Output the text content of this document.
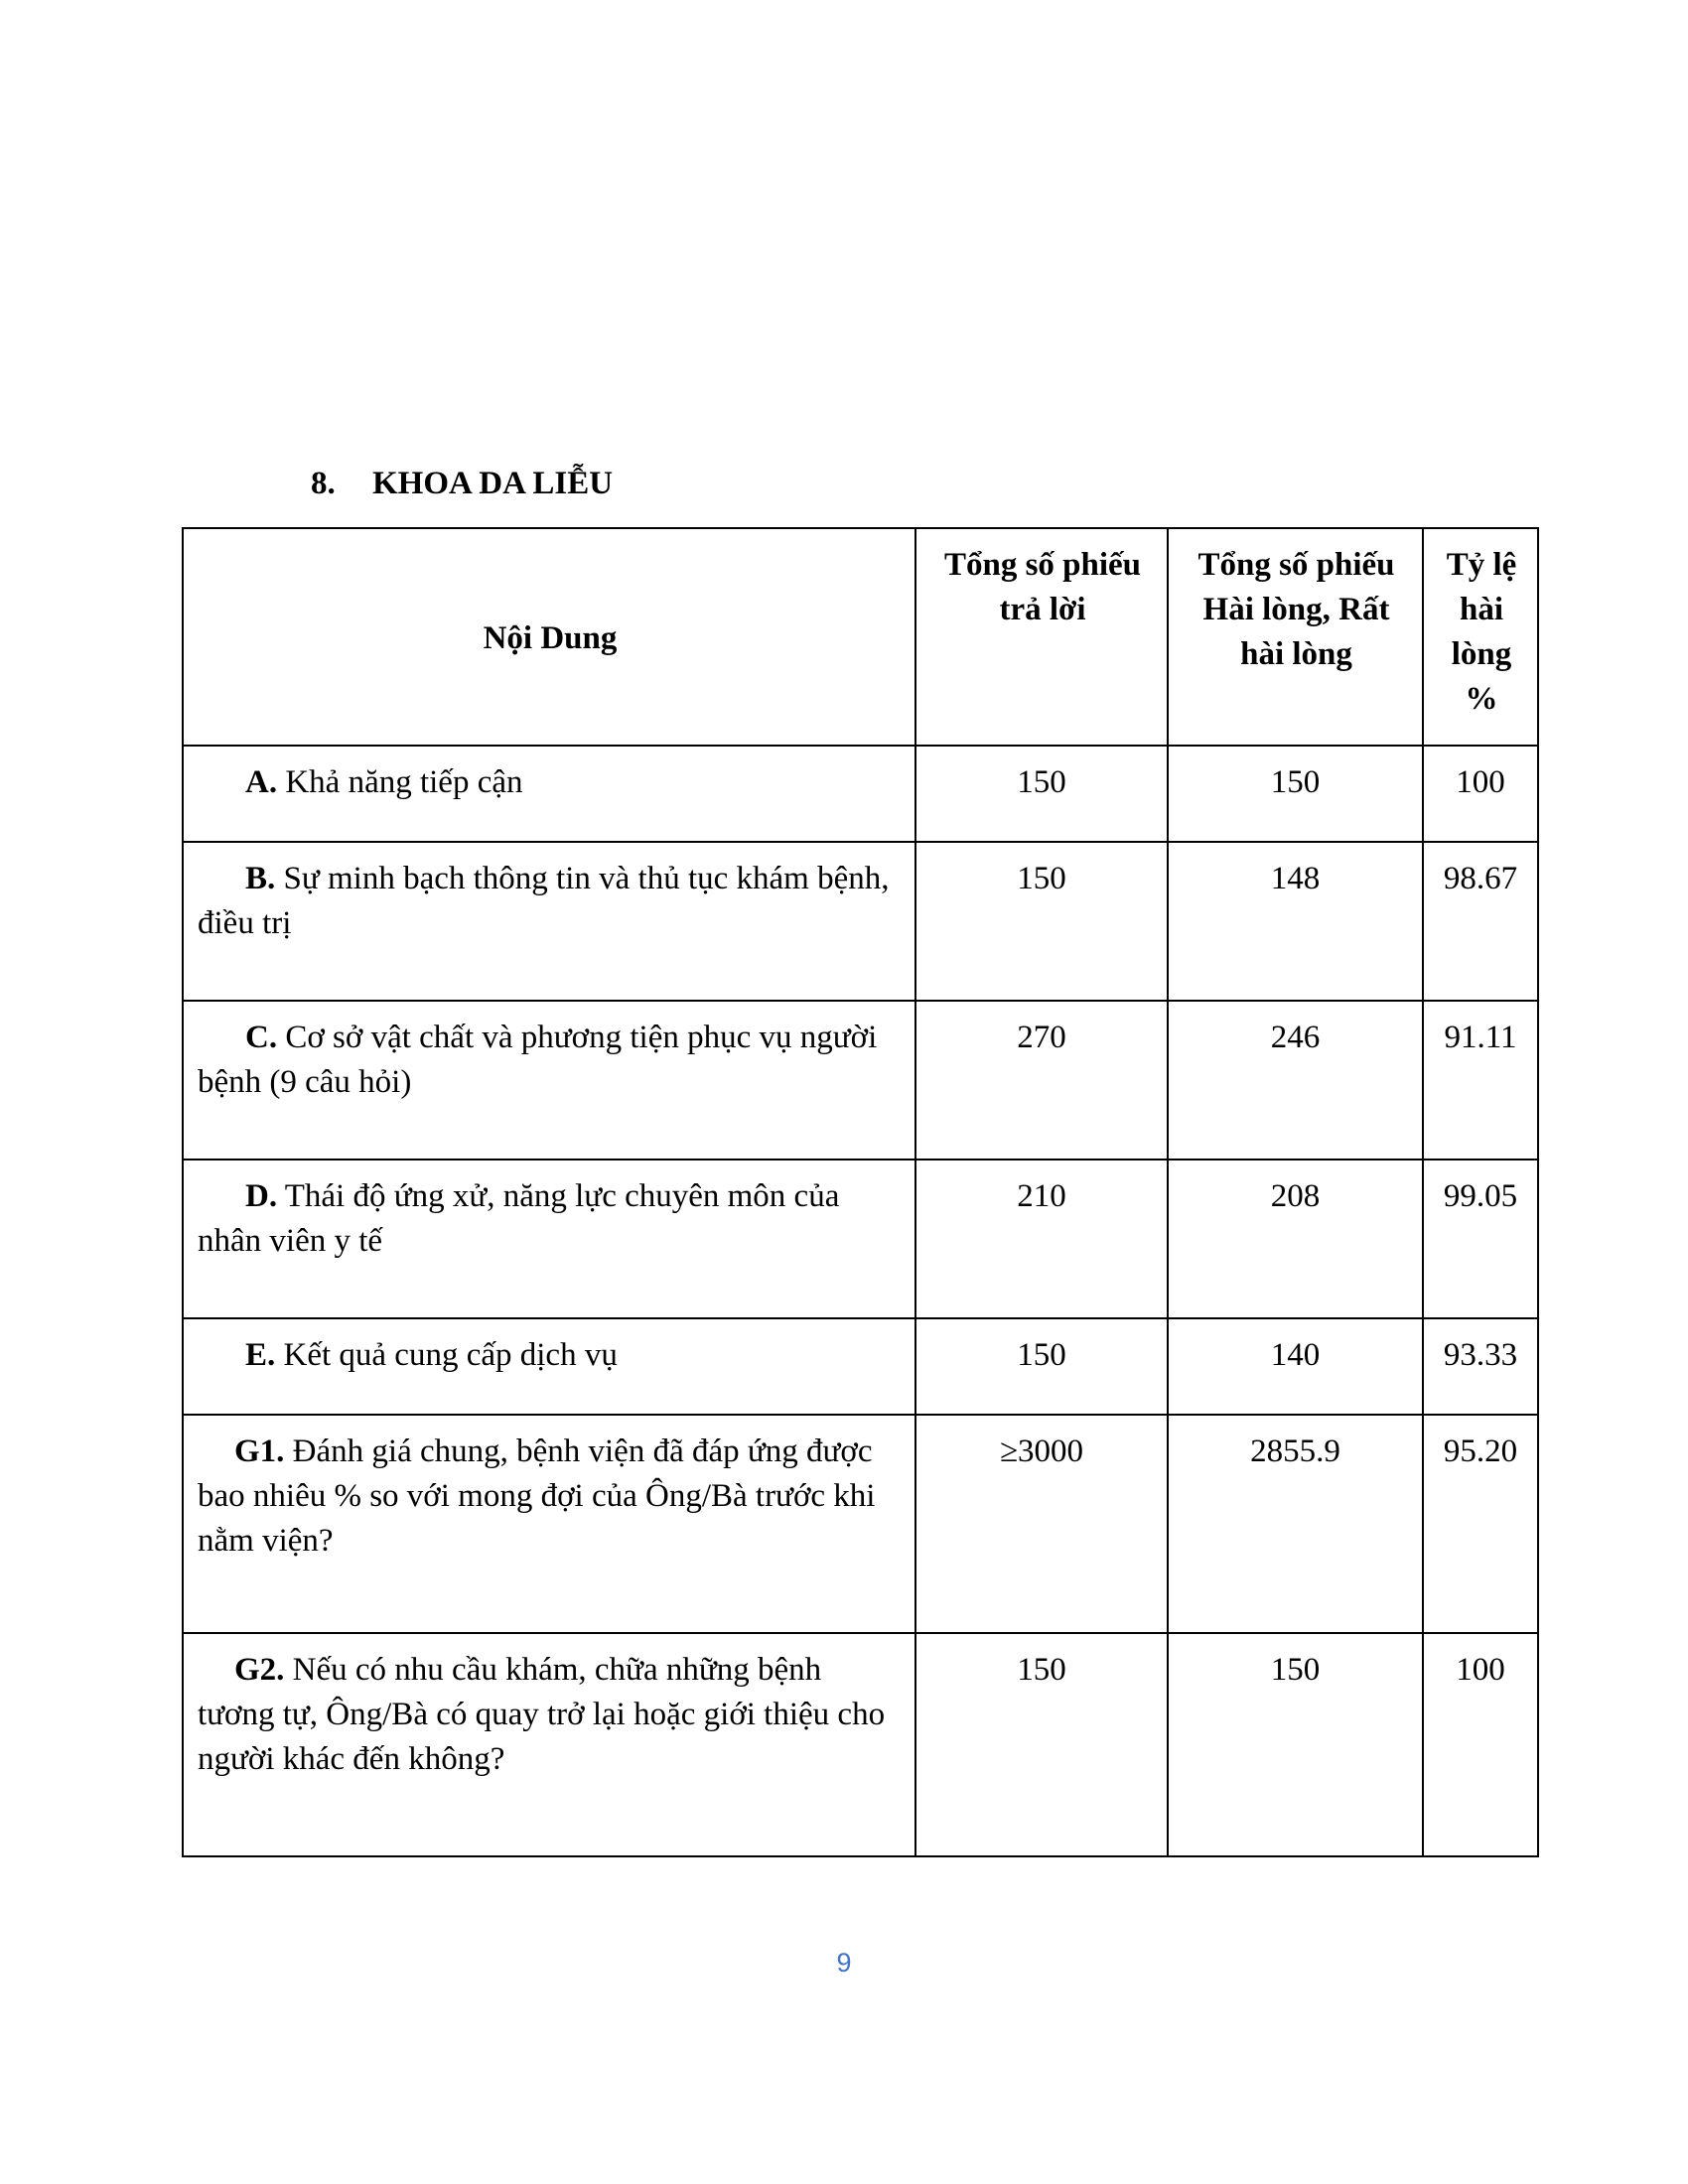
8. KHOA DA LIỄU
Nội Dung	Tổng số phiếu trả lời	Tổng số phiếu Hài lòng, Rất hài lòng	Tỷ lệ hài lòng %
A. Khả năng tiếp cận	150	150	100
B. Sự minh bạch thông tin và thủ tục khám bệnh, điều trị	150	148	98.67
C. Cơ sở vật chất và phương tiện phục vụ người bệnh (9 câu hỏi)	270	246	91.11
D. Thái độ ứng xử, năng lực chuyên môn của nhân viên y tế	210	208	99.05
E. Kết quả cung cấp dịch vụ	150	140	93.33
G1. Đánh giá chung, bệnh viện đã đáp ứng được bao nhiêu % so với mong đợi của Ông/Bà trước khi nằm viện?	≥3000	2855.9	95.20
G2. Nếu có nhu cầu khám, chữa những bệnh tương tự, Ông/Bà có quay trở lại hoặc giới thiệu cho người khác đến không?	150	150	100
9
